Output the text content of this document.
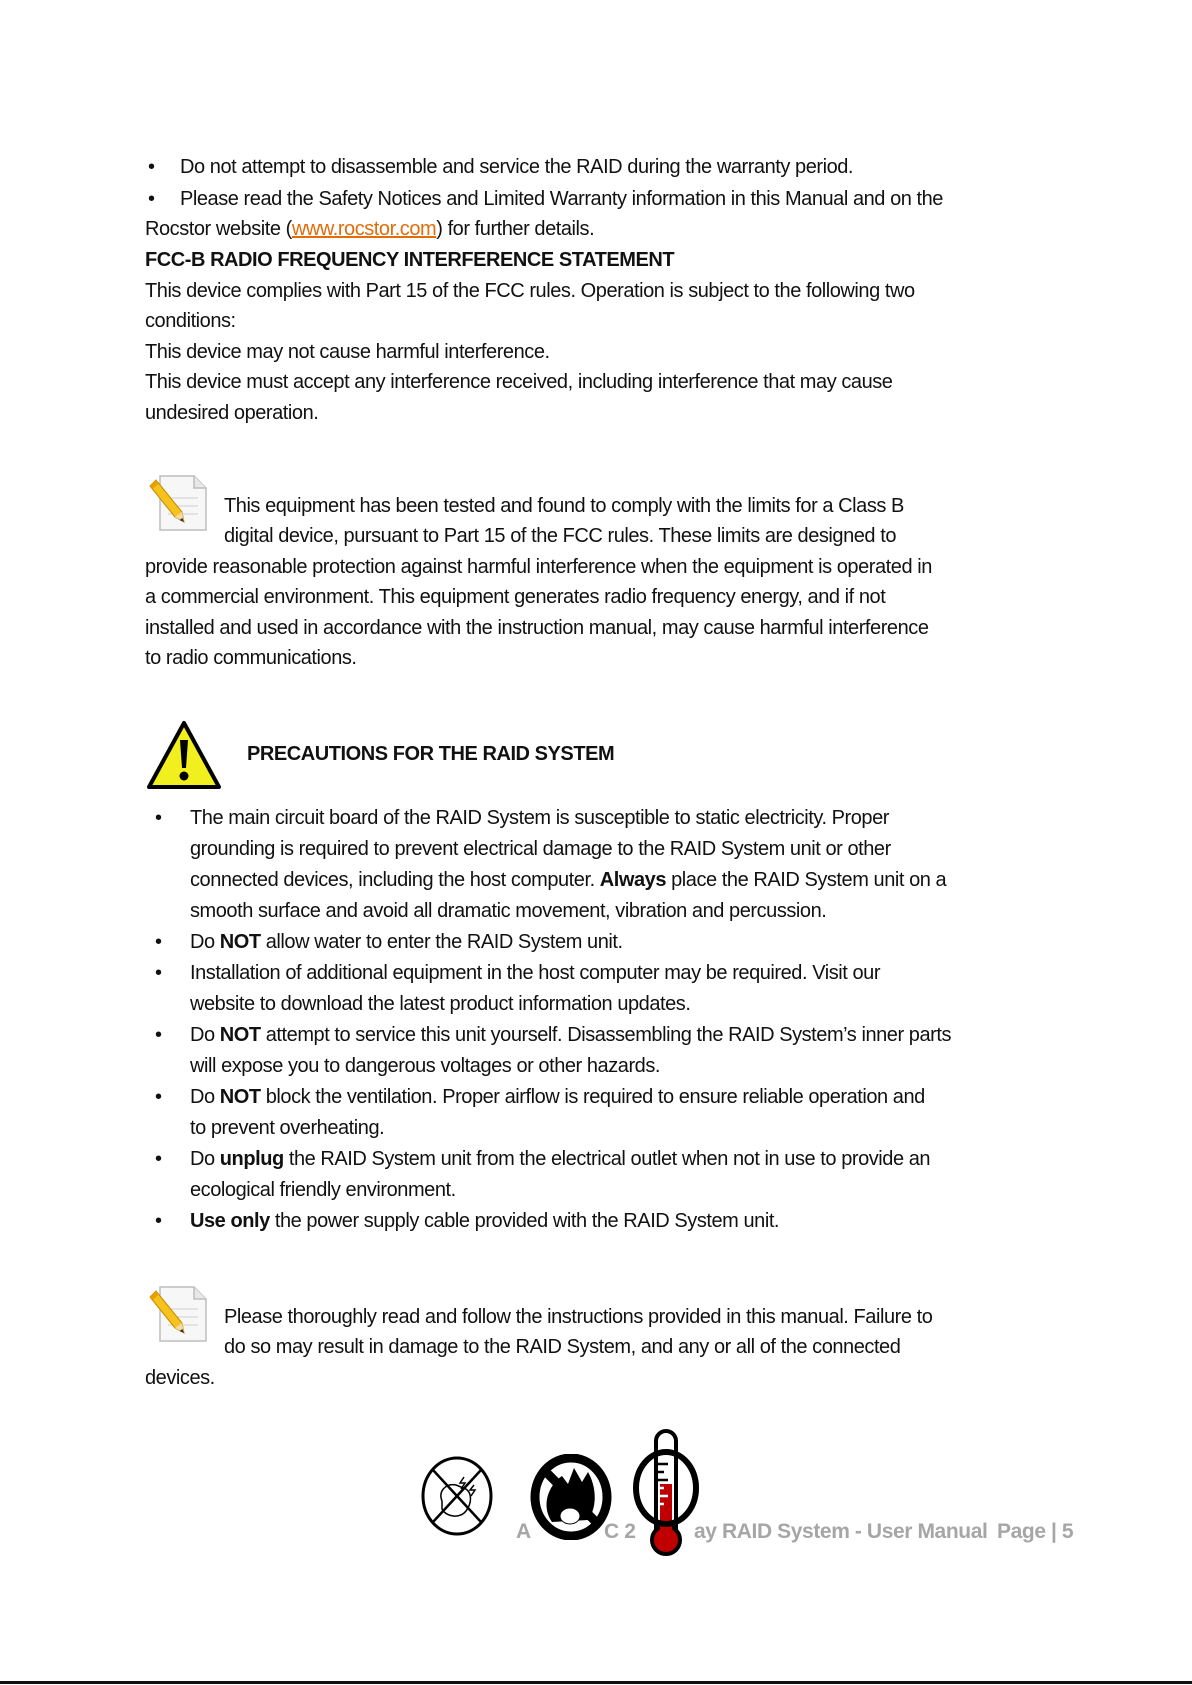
• Do not attempt to disassemble and service the RAID during the warranty period.
• Please read the Safety Notices and Limited Warranty information in this Manual and on the
Rocstor website (www.rocstor.com) for further details.
FCC-B RADIO FREQUENCY INTERFERENCE STATEMENT
This device complies with Part 15 of the FCC rules. Operation is subject to the following two
conditions:
This device may not cause harmful interference.
This device must accept any interference received, including interference that may cause
undesired operation.
This equipment has been tested and found to comply with the limits for a Class B
digital device, pursuant to Part 15 of the FCC rules. These limits are designed to
provide reasonable protection against harmful interference when the equipment is operated in
a commercial environment. This equipment generates radio frequency energy, and if not
installed and used in accordance with the instruction manual, may cause harmful interference
to radio communications.
PRECAUTIONS FOR THE RAID SYSTEM
• The main circuit board of the RAID System is susceptible to static electricity. Proper
grounding is required to prevent electrical damage to the RAID System unit or other
connected devices, including the host computer. Always place the RAID System unit on a
smooth surface and avoid all dramatic movement, vibration and percussion.
• Do NOT allow water to enter the RAID System unit.
• Installation of additional equipment in the host computer may be required. Visit our
website to download the latest product information updates.
• Do NOT attempt to service this unit yourself. Disassembling the RAID System’s inner parts
will expose you to dangerous voltages or other hazards.
• Do NOT block the ventilation. Proper airflow is required to ensure reliable operation and
to prevent overheating.
• Do unplug the RAID System unit from the electrical outlet when not in use to provide an
ecological friendly environment.
• Use only the power supply cable provided with the RAID System unit.
Please thoroughly read and follow the instructions provided in this manual. Failure to
do so may result in damage to the RAID System, and any or all of the connected
devices.
A	C 2	ay RAID System - User Manual Page | 5
